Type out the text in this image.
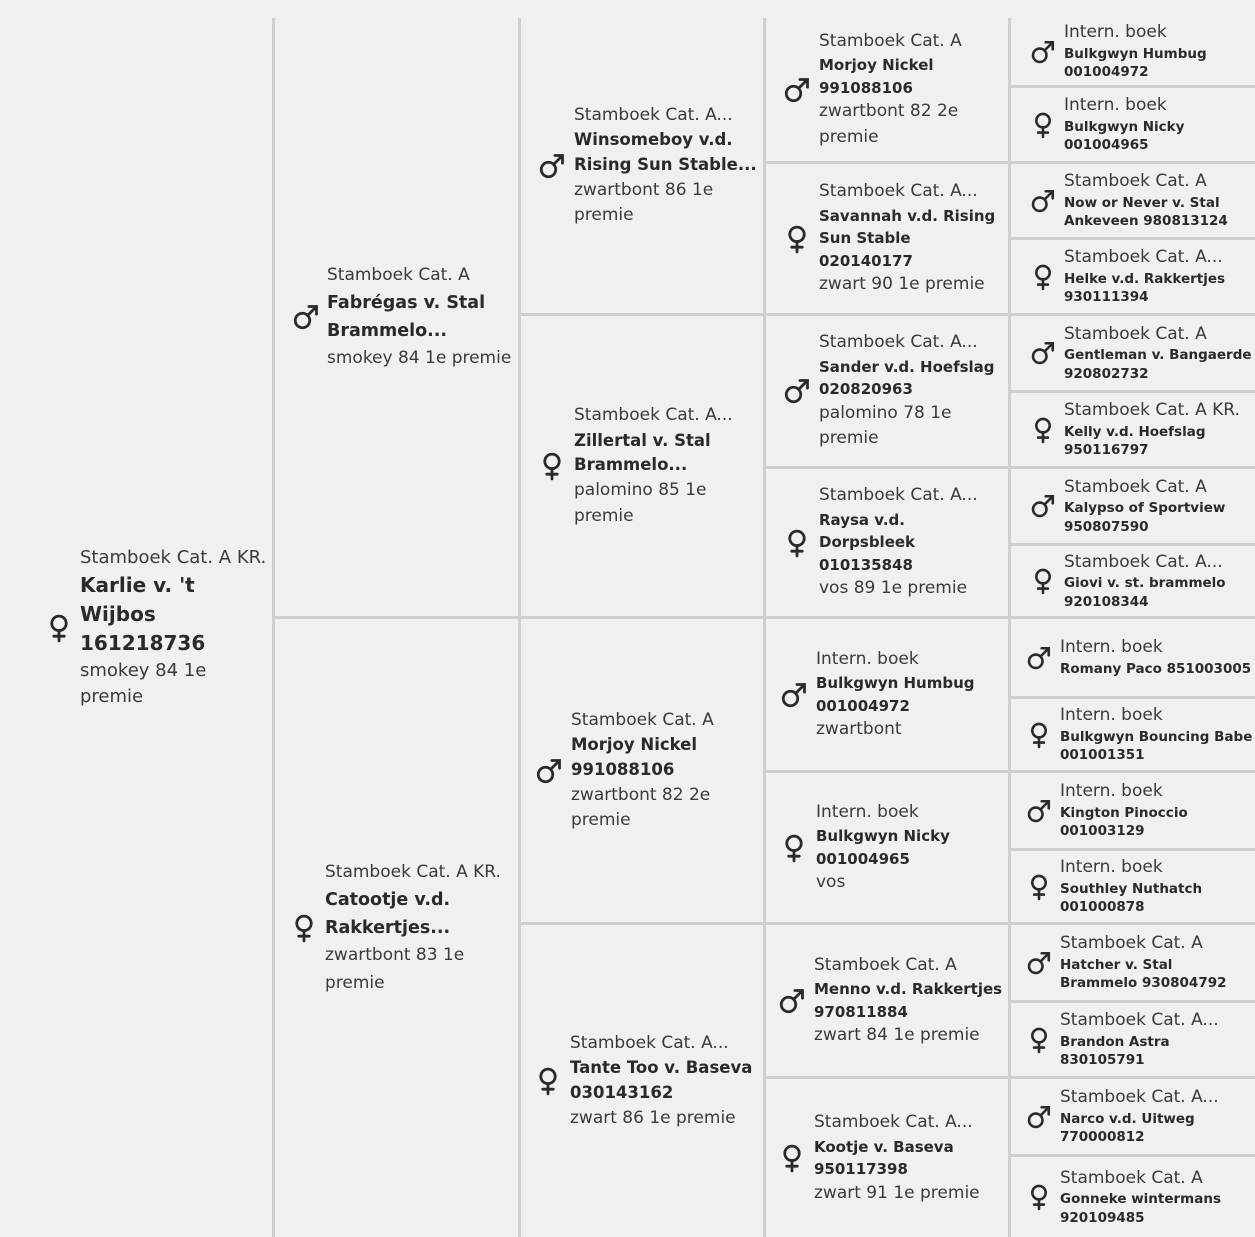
Stamboek Cat. A KR.
Karlie v. 't Wijbos
161218736
smokey 84 1e premie
Stamboek Cat. A
Fabrégas v. Stal Brammelo...
smokey 84 1e premie
Stamboek Cat. A KR.
Catootje v.d. Rakkertjes...
zwartbont 83 1e premie
Stamboek Cat. A...
Winsomeboy v.d. Rising Sun Stable...
zwartbont 86 1e premie
Stamboek Cat. A...
Zillertal v. Stal Brammelo...
palomino 85 1e premie
Stamboek Cat. A
Morjoy Nickel
991088106
zwartbont 82 2e premie
Stamboek Cat. A...
Tante Too v. Baseva
030143162
zwart 86 1e premie
Stamboek Cat. A
Morjoy Nickel
991088106
zwartbont 82 2e premie
Stamboek Cat. A...
Savannah v.d. Rising Sun Stable
020140177
zwart 90 1e premie
Stamboek Cat. A...
Sander v.d. Hoefslag
020820963
palomino 78 1e premie
Stamboek Cat. A...
Raysa v.d. Dorpsbleek
010135848
vos 89 1e premie
Intern. boek
Bulkgwyn Humbug
001004972
zwartbont
Intern. boek
Bulkgwyn Nicky
001004965
vos
Stamboek Cat. A
Menno v.d. Rakkertjes
970811884
zwart 84 1e premie
Stamboek Cat. A...
Kootje v. Baseva
950117398
zwart 91 1e premie
Intern. boek
Bulkgwyn Humbug 001004972
Intern. boek
Bulkgwyn Nicky 001004965
Stamboek Cat. A
Now or Never v. Stal Ankeveen 980813124
Stamboek Cat. A...
Helke v.d. Rakkertjes 930111394
Stamboek Cat. A
Gentleman v. Bangaerde 920802732
Stamboek Cat. A KR.
Kelly v.d. Hoefslag 950116797
Stamboek Cat. A
Kalypso of Sportview 950807590
Stamboek Cat. A...
Giovi v. st. brammelo 920108344
Intern. boek
Romany Paco 851003005
Intern. boek
Bulkgwyn Bouncing Babe 001001351
Intern. boek
Kington Pinoccio 001003129
Intern. boek
Southley Nuthatch 001000878
Stamboek Cat. A
Hatcher v. Stal Brammelo 930804792
Stamboek Cat. A...
Brandon Astra 830105791
Stamboek Cat. A...
Narco v.d. Uitweg 770000812
Stamboek Cat. A
Gonneke wintermans 920109485
